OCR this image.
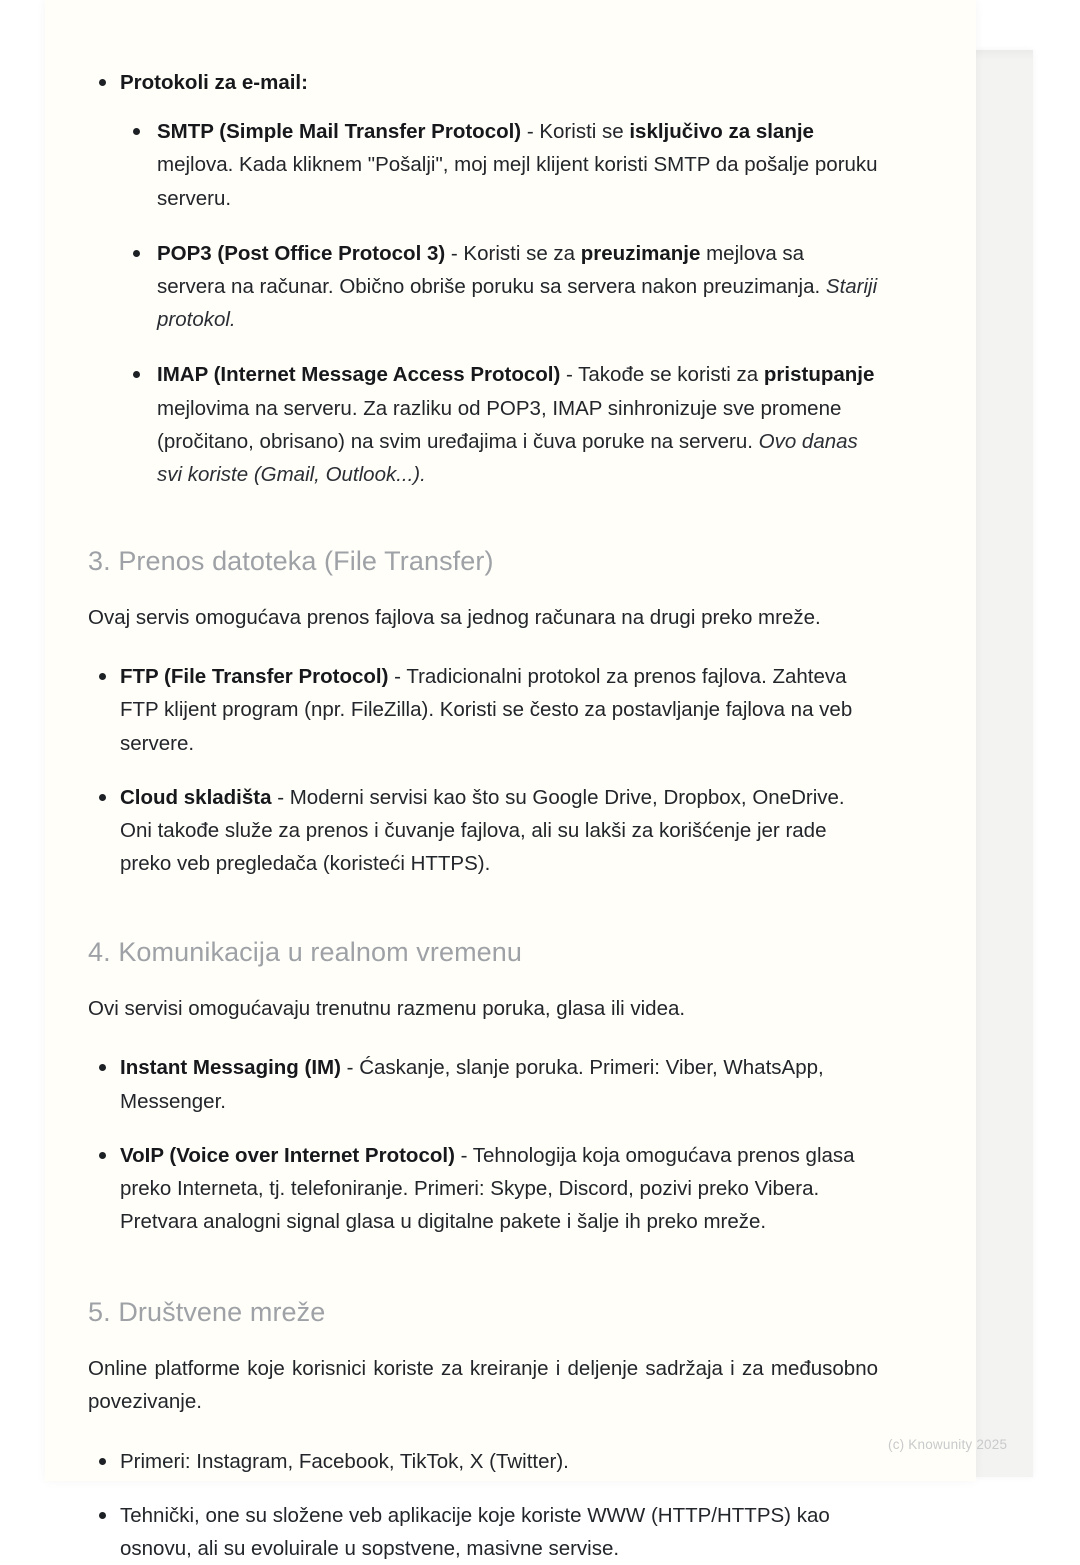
Protokoli za e-mail:
SMTP (Simple Mail Transfer Protocol) - Koristi se isključivo za slanje mejlova. Kada kliknem "Pošalji", moj mejl klijent koristi SMTP da pošalje poruku serveru.
POP3 (Post Office Protocol 3) - Koristi se za preuzimanje mejlova sa servera na računar. Obično obriše poruku sa servera nakon preuzimanja. Stariji protokol.
IMAP (Internet Message Access Protocol) - Takođe se koristi za pristupanje mejlovima na serveru. Za razliku od POP3, IMAP sinhronizuje sve promene (pročitano, obrisano) na svim uređajima i čuva poruke na serveru. Ovo danas svi koriste (Gmail, Outlook...).
3. Prenos datoteka (File Transfer)

Ovaj servis omogućava prenos fajlova sa jednog računara na drugi preko mreže.

FTP (File Transfer Protocol) - Tradicionalni protokol za prenos fajlova. Zahteva FTP klijent program (npr. FileZilla). Koristi se često za postavljanje fajlova na veb servere.
Cloud skladišta - Moderni servisi kao što su Google Drive, Dropbox, OneDrive. Oni takođe služe za prenos i čuvanje fajlova, ali su lakši za korišćenje jer rade preko veb pregledača (koristeći HTTPS).
4. Komunikacija u realnom vremenu

Ovi servisi omogućavaju trenutnu razmenu poruka, glasa ili videa.

Instant Messaging (IM) - Ćaskanje, slanje poruka. Primeri: Viber, WhatsApp, Messenger.
VoIP (Voice over Internet Protocol) - Tehnologija koja omogućava prenos glasa preko Interneta, tj. telefoniranje. Primeri: Skype, Discord, pozivi preko Vibera. Pretvara analogni signal glasa u digitalne pakete i šalje ih preko mreže.
5. Društvene mreže

Online platforme koje korisnici koriste za kreiranje i deljenje sadržaja i za međusobno povezivanje.

Primeri: Instagram, Facebook, TikTok, X (Twitter).
Tehnički, one su složene veb aplikacije koje koriste WWW (HTTP/HTTPS) kao osnovu, ali su evoluirale u sopstvene, masivne servise.
(c) Knowunity 2025
